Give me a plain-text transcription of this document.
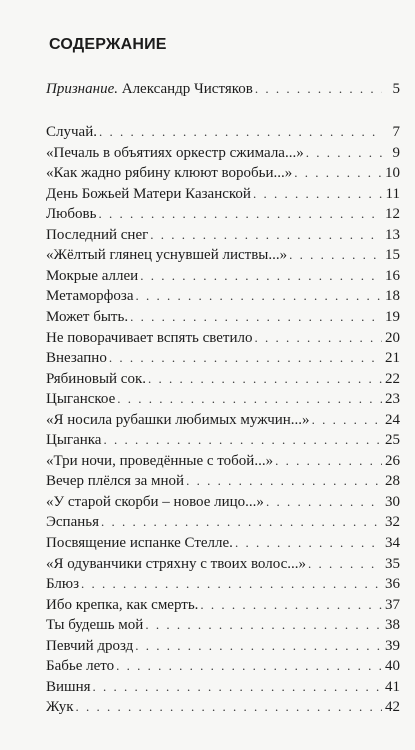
СОДЕРЖАНИЕ
Признание. Александр Чистяков . . .	5
Случай. . . .	7
«Печаль в объятиях оркестр сжимала...» . . .	9
«Как жадно рябину клюют воробьи...» . . .	10
День Божьей Матери Казанской . . .	11
Любовь . . .	12
Последний снег . . .	13
«Жёлтый глянец уснувшей листвы...» . . .	15
Мокрые аллеи . . .	16
Метаморфоза . . .	18
Может быть. . . .	19
Не поворачивает вспять светило . . .	20
Внезапно . . .	21
Рябиновый сок. . . .	22
Цыганское . . .	23
«Я носила рубашки любимых мужчин...» . . .	24
Цыганка . . .	25
«Три ночи, проведённые с тобой...» . . .	26
Вечер плёлся за мной . . .	28
«У старой скорби – новое лицо...» . . .	30
Эспанья . . .	32
Посвящение испанке Стелле. . . .	34
«Я одуванчики стряхну с твоих волос...» . . .	35
Блюз . . .	36
Ибо крепка, как смерть. . . .	37
Ты будешь мой . . .	38
Певчий дрозд . . .	39
Бабье лето . . .	40
Вишня . . .	41
Жук . . .	42
